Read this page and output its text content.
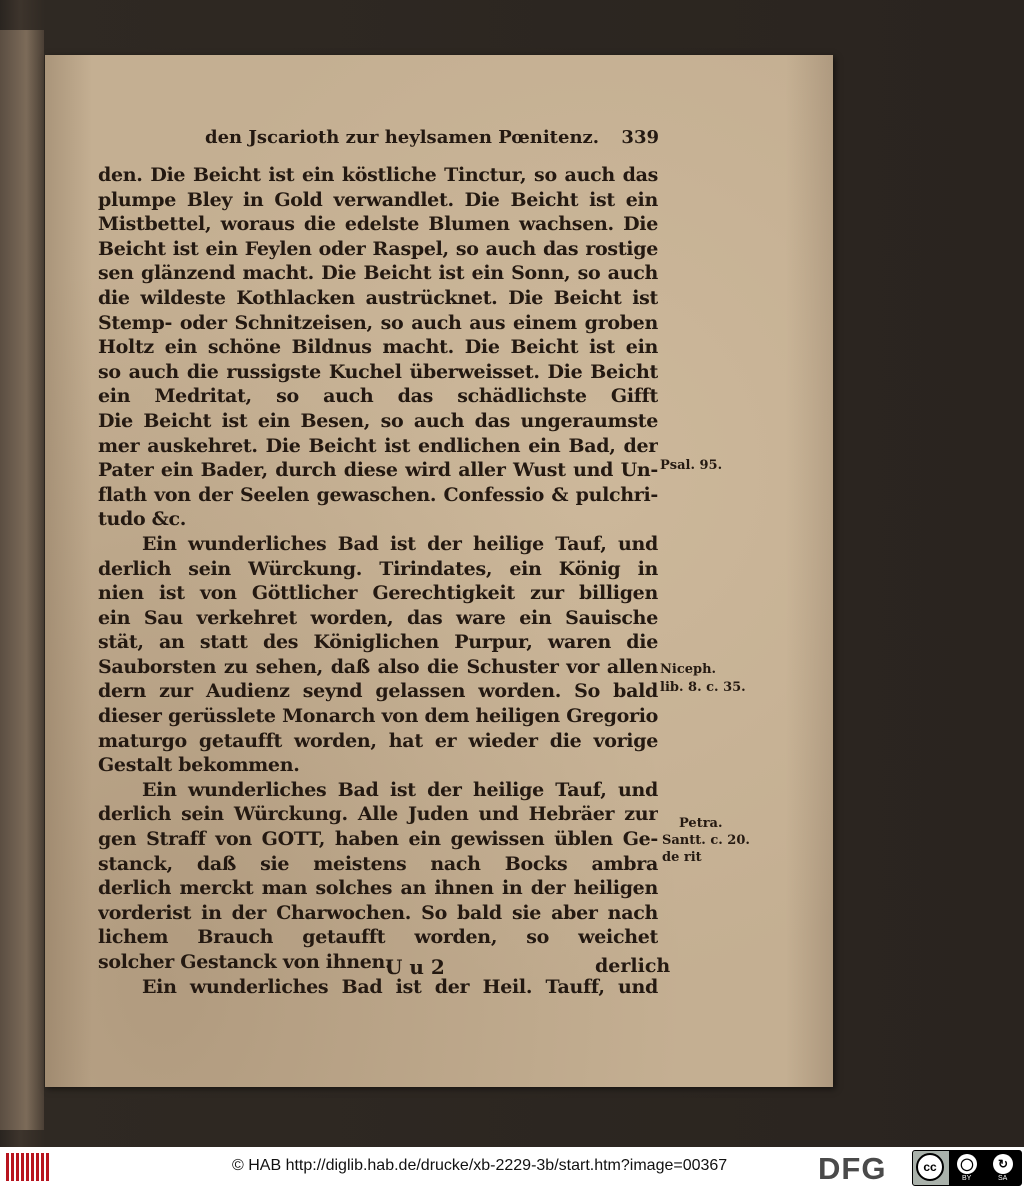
den Jscarioth zur heylsamen Pœnitenz. 339
den. Die Beicht ist ein köstliche Tinctur, so auch das
plumpe Bley in Gold verwandlet. Die Beicht ist ein
Mistbettel, woraus die edelste Blumen wachsen. Die
Beicht ist ein Feylen oder Raspel, so auch das rostige
sen glänzend macht. Die Beicht ist ein Sonn, so auch
die wildeste Kothlacken austrücknet. Die Beicht ist
Stemp- oder Schnitzeisen, so auch aus einem groben
Holtz ein schöne Bildnus macht. Die Beicht ist ein
so auch die russigste Kuchel überweisset. Die Beicht
ein Medritat, so auch das schädlichste Gifft
Die Beicht ist ein Besen, so auch das ungeraumste
mer auskehret. Die Beicht ist endlichen ein Bad, der
Pater ein Bader, durch diese wird aller Wust und Un-
flath von der Seelen gewaschen. Confessio & pulchri-
tudo &c.
Ein wunderliches Bad ist der heilige Tauf, und
derlich sein Würckung. Tirindates, ein König in
nien ist von Göttlicher Gerechtigkeit zur billigen
ein Sau verkehret worden, das ware ein Sauische
stät, an statt des Königlichen Purpur, waren die
Sauborsten zu sehen, daß also die Schuster vor allen
dern zur Audienz seynd gelassen worden. So bald
dieser gerüsslete Monarch von dem heiligen Gregorio
maturgo getaufft worden, hat er wieder die vorige
Gestalt bekommen.
Ein wunderliches Bad ist der heilige Tauf, und
derlich sein Würckung. Alle Juden und Hebräer zur
gen Straff von GOTT, haben ein gewissen üblen Ge-
stanck, daß sie meistens nach Bocks ambra
derlich merckt man solches an ihnen in der heiligen
vorderist in der Charwochen. So bald sie aber nach
lichem Brauch getaufft worden, so weichet
solcher Gestanck von ihnen.
Ein wunderliches Bad ist der Heil. Tauff, und
U u 2	derlich
Psal. 95.
Niceph.
lib. 8. c. 35.
Petra.
Santt. c. 20.
de rit
© HAB http://diglib.hab.de/drucke/xb-2229-3b/start.htm?image=00367	DFG	cc	◯	↻
BY	SA
